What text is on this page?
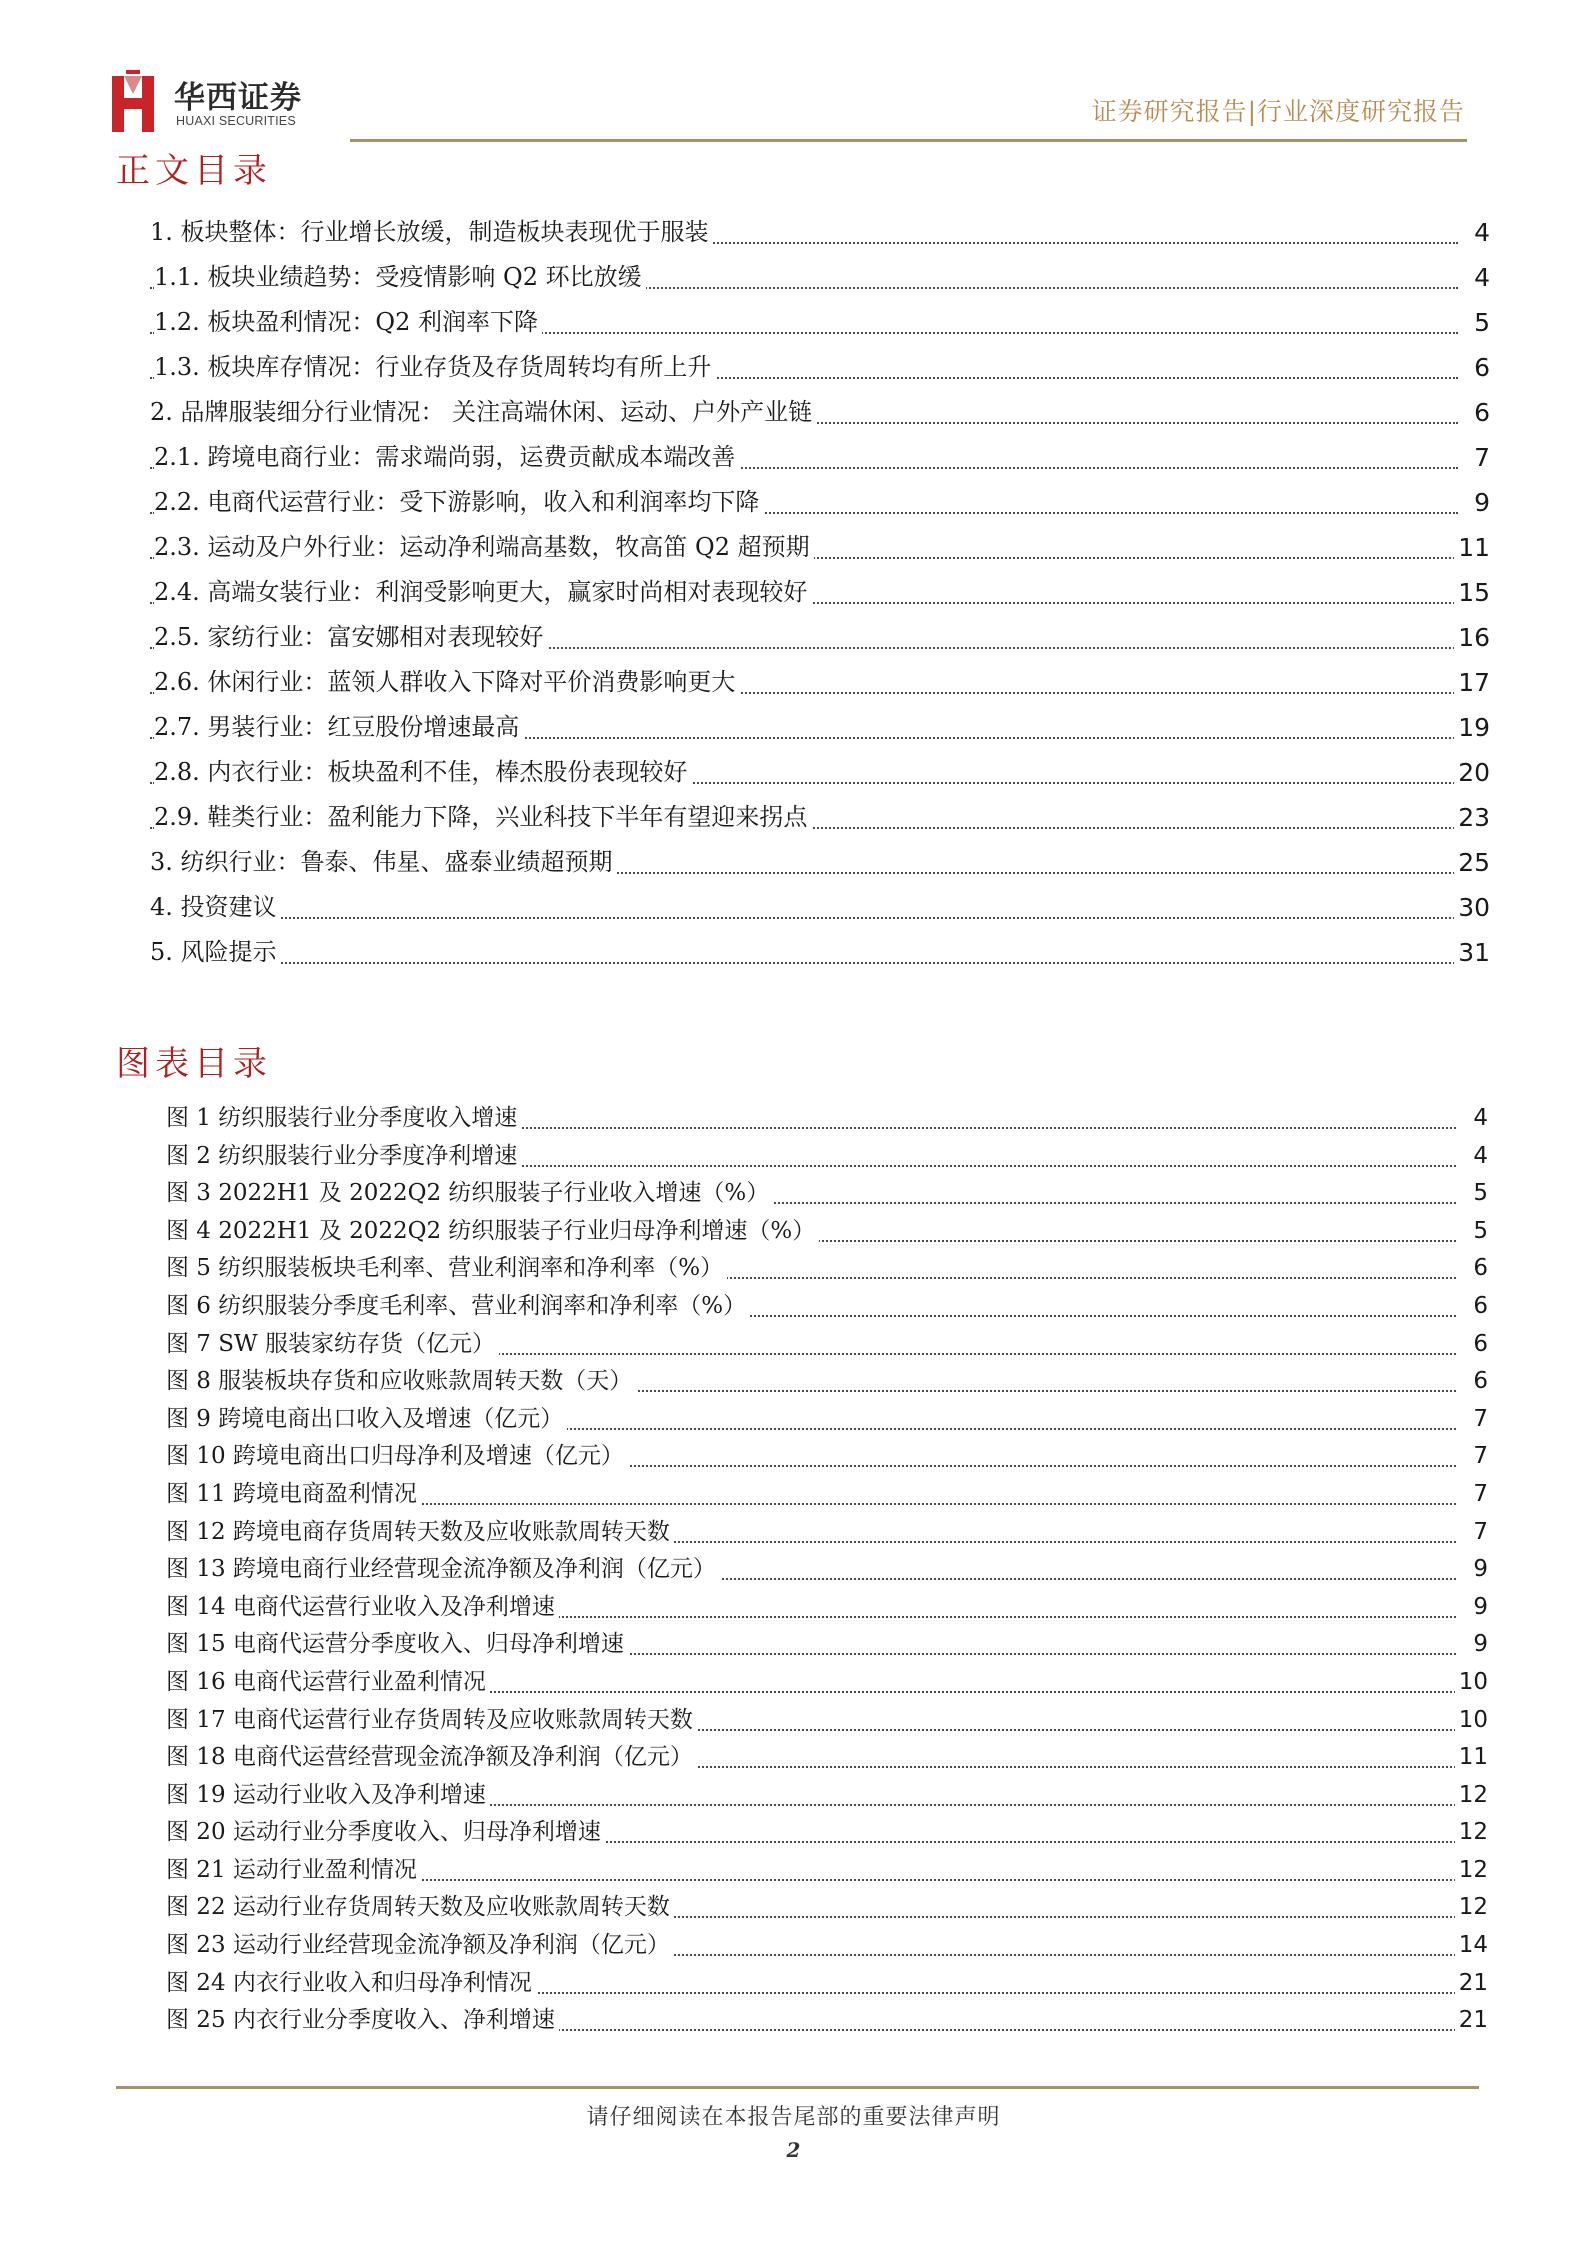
华西证券
HUAXI SECURITIES	证券研究报告|行业深度研究报告
正文目录
1. 板块整体：行业增长放缓，制造板块表现优于服装	4
1.1. 板块业绩趋势：受疫情影响 Q2 环比放缓	4
1.2. 板块盈利情况：Q2 利润率下降	5
1.3. 板块库存情况：行业存货及存货周转均有所上升	6
2. 品牌服装细分行业情况： 关注高端休闲、运动、户外产业链	6
2.1. 跨境电商行业：需求端尚弱，运费贡献成本端改善	7
2.2. 电商代运营行业：受下游影响，收入和利润率均下降	9
2.3. 运动及户外行业：运动净利端高基数，牧高笛 Q2 超预期	11
2.4. 高端女装行业：利润受影响更大，赢家时尚相对表现较好	15
2.5. 家纺行业：富安娜相对表现较好	16
2.6. 休闲行业：蓝领人群收入下降对平价消费影响更大	17
2.7. 男装行业：红豆股份增速最高	19
2.8. 内衣行业：板块盈利不佳，棒杰股份表现较好	20
2.9. 鞋类行业：盈利能力下降，兴业科技下半年有望迎来拐点	23
3. 纺织行业：鲁泰、伟星、盛泰业绩超预期	25
4. 投资建议	30
5. 风险提示	31
图表目录
图 1 纺织服装行业分季度收入增速	4
图 2 纺织服装行业分季度净利增速	4
图 3 2022H1 及 2022Q2 纺织服装子行业收入增速（%）	5
图 4 2022H1 及 2022Q2 纺织服装子行业归母净利增速（%）	5
图 5 纺织服装板块毛利率、营业利润率和净利率（%）	6
图 6 纺织服装分季度毛利率、营业利润率和净利率（%）	6
图 7 SW 服装家纺存货（亿元）	6
图 8 服装板块存货和应收账款周转天数（天）	6
图 9 跨境电商出口收入及增速（亿元）	7
图 10 跨境电商出口归母净利及增速（亿元）	7
图 11 跨境电商盈利情况	7
图 12 跨境电商存货周转天数及应收账款周转天数	7
图 13 跨境电商行业经营现金流净额及净利润（亿元）	9
图 14 电商代运营行业收入及净利增速	9
图 15 电商代运营分季度收入、归母净利增速	9
图 16 电商代运营行业盈利情况	10
图 17 电商代运营行业存货周转及应收账款周转天数	10
图 18 电商代运营经营现金流净额及净利润（亿元）	11
图 19 运动行业收入及净利增速	12
图 20 运动行业分季度收入、归母净利增速	12
图 21 运动行业盈利情况	12
图 22 运动行业存货周转天数及应收账款周转天数	12
图 23 运动行业经营现金流净额及净利润（亿元）	14
图 24 内衣行业收入和归母净利情况	21
图 25 内衣行业分季度收入、净利增速	21
请仔细阅读在本报告尾部的重要法律声明
2
